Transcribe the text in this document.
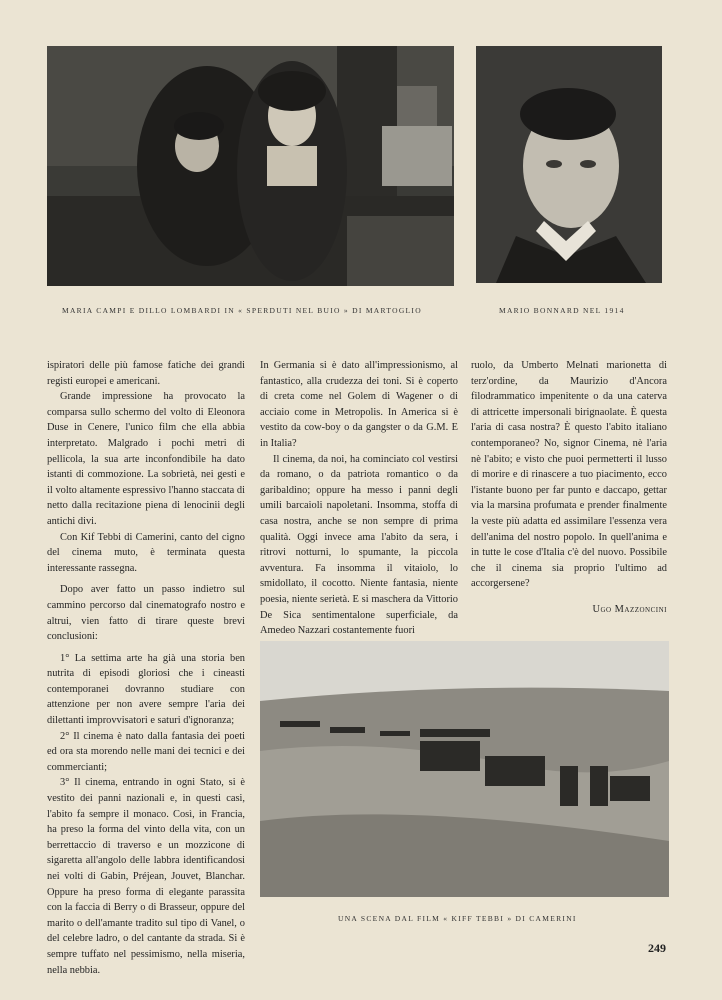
MARIA CAMPI E DILLO LOMBARDI IN « SPERDUTI NEL BUIO » DI MARTOGLIO	MARIO BONNARD NEL 1914

ispiratori delle più famose fatiche dei grandi registi europei e americani.

Grande impressione ha provocato la comparsa sullo schermo del volto di Eleonora Duse in Cenere, l'unico film che ella abbia interpretato. Malgrado i pochi metri di pellicola, la sua arte inconfondibile ha dato istanti di commozione. La sobrietà, nei gesti e il volto altamente espressivo l'hanno staccata di netto dalla recitazione piena di lenocinii degli antichi divi.

Con Kif Tebbi di Camerini, canto del cigno del cinema muto, è terminata questa interessante rassegna.

Dopo aver fatto un passo indietro sul cammino percorso dal cinematografo nostro e altrui, vien fatto di tirare queste brevi conclusioni:

1° La settima arte ha già una storia ben nutrita di episodi gloriosi che i cineasti contemporanei dovranno studiare con attenzione per non avere sempre l'aria dei dilettanti improvvisatori e saturi d'ignoranza;

2° Il cinema è nato dalla fantasia dei poeti ed ora sta morendo nelle mani dei tecnici e dei commercianti;

3° Il cinema, entrando in ogni Stato, si è vestito dei panni nazionali e, in questi casi, l'abito fa sempre il monaco. Così, in Francia, ha preso la forma del vinto della vita, con un berrettaccio di traverso e un mozzicone di sigaretta all'angolo delle labbra identificandosi nei volti di Gabin, Préjean, Jouvet, Blanchar. Oppure ha preso forma di elegante parassita con la faccia di Berry o di Brasseur, oppure del marito o dell'amante tradito sul tipo di Vanel, o del celebre ladro, o del cantante da strada. Si è sempre tuffato nel pessimismo, nella miseria, nella nebbia.

In Germania si è dato all'impressionismo, al fantastico, alla crudezza dei toni. Si è coperto di creta come nel Golem di Wagener o di acciaio come in Metropolis. In America si è vestito da cow-boy o da gangster o da G.M. E in Italia?

Il cinema, da noi, ha cominciato col vestirsi da romano, o da patriota romantico o da garibaldino; oppure ha messo i panni degli umili barcaioli napoletani. Insomma, stoffa di casa nostra, anche se non sempre di prima qualità. Oggi invece ama l'abito da sera, i ritrovi notturni, lo spumante, la piccola avventura. Fa insomma il vitaiolo, lo smidollato, il cocotto. Niente fantasia, niente poesia, niente serietà. E si maschera da Vittorio De Sica sentimentalone superficiale, da Amedeo Nazzari costantemente fuori

ruolo, da Umberto Melnati marionetta di terz'ordine, da Maurizio d'Ancora filodrammatico impenitente o da una caterva di attricette impersonali birignaolate. È questa l'aria di casa nostra? È questo l'abito italiano contemporaneo? No, signor Cinema, nè l'aria nè l'abito; e visto che puoi permetterti il lusso di morire e di rinascere a tuo piacimento, ecco l'istante buono per far punto e daccapo, gettar via la marsina profumata e prender finalmente la veste più adatta ed assimilare l'essenza vera dell'anima del nostro popolo. In quell'anima e in tutte le cose d'Italia c'è del nuovo. Possibile che il cinema sia proprio l'ultimo ad accorgersene?

Ugo Mazzoncini
UNA SCENA DAL FILM « KIFF TEBBI » DI CAMERINI
249
